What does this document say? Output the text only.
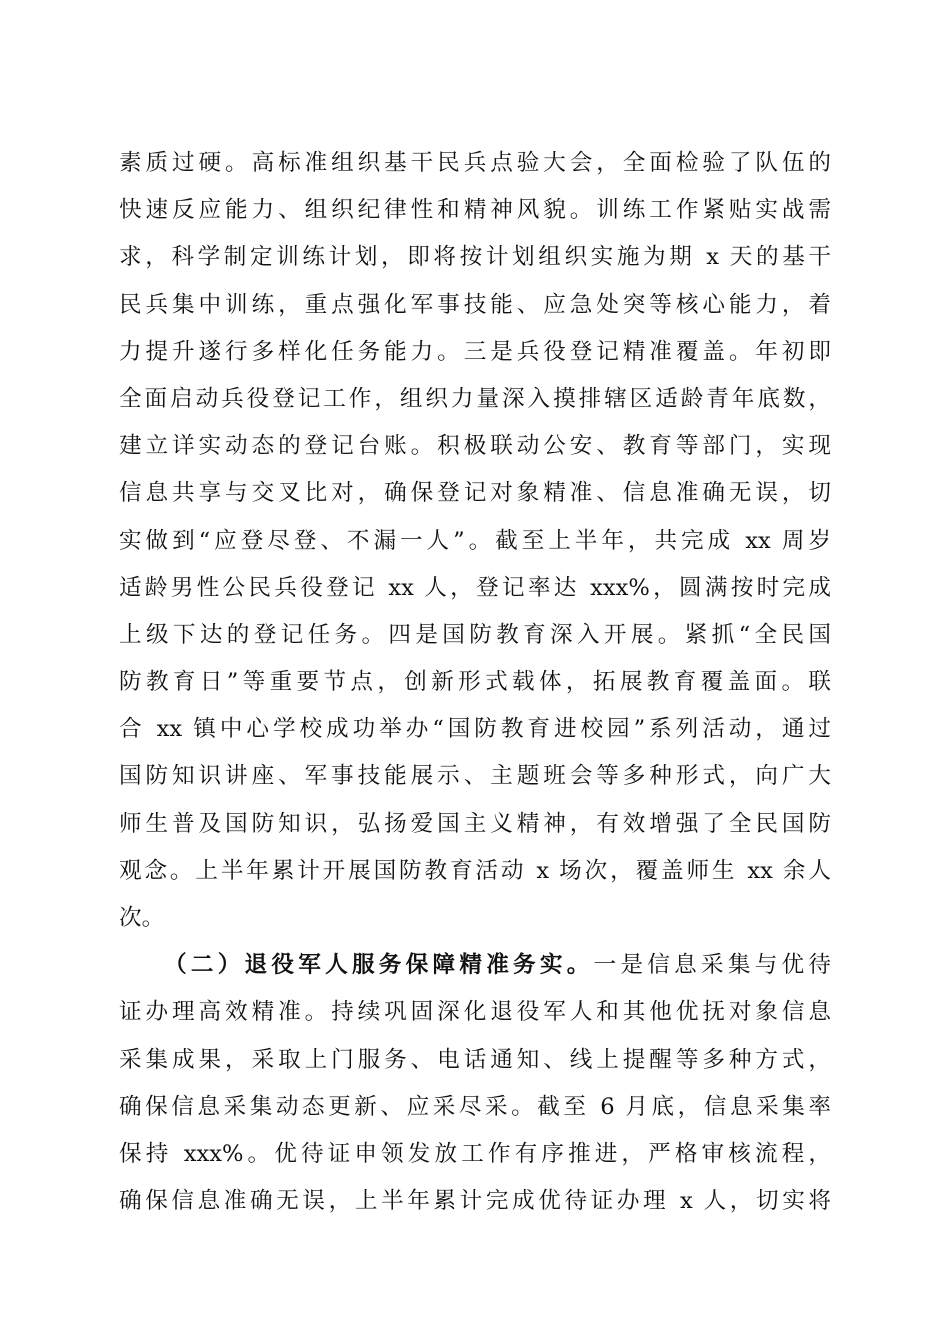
素质过硬。高标准组织基干民兵点验大会，全面检验了队伍的
快速反应能力、组织纪律性和精神风貌。训练工作紧贴实战需
求，科学制定训练计划，即将按计划组织实施为期 x 天的基干
民兵集中训练，重点强化军事技能、应急处突等核心能力，着
力提升遂行多样化任务能力。三是兵役登记精准覆盖。年初即
全面启动兵役登记工作，组织力量深入摸排辖区适龄青年底数，
建立详实动态的登记台账。积极联动公安、教育等部门，实现
信息共享与交叉比对，确保登记对象精准、信息准确无误，切
实做到“应登尽登、不漏一人”。截至上半年，共完成 xx 周岁
适龄男性公民兵役登记 xx 人，登记率达 xxx%，圆满按时完成
上级下达的登记任务。四是国防教育深入开展。紧抓“全民国
防教育日”等重要节点，创新形式载体，拓展教育覆盖面。联
合 xx 镇中心学校成功举办“国防教育进校园”系列活动，通过
国防知识讲座、军事技能展示、主题班会等多种形式，向广大
师生普及国防知识，弘扬爱国主义精神，有效增强了全民国防
观念。上半年累计开展国防教育活动 x 场次，覆盖师生 xx 余人
次。
（二）退役军人服务保障精准务实。一是信息采集与优待
证办理高效精准。持续巩固深化退役军人和其他优抚对象信息
采集成果，采取上门服务、电话通知、线上提醒等多种方式，
确保信息采集动态更新、应采尽采。截至 6 月底，信息采集率
保持 xxx%。优待证申领发放工作有序推进，严格审核流程，
确保信息准确无误，上半年累计完成优待证办理 x 人，切实将
